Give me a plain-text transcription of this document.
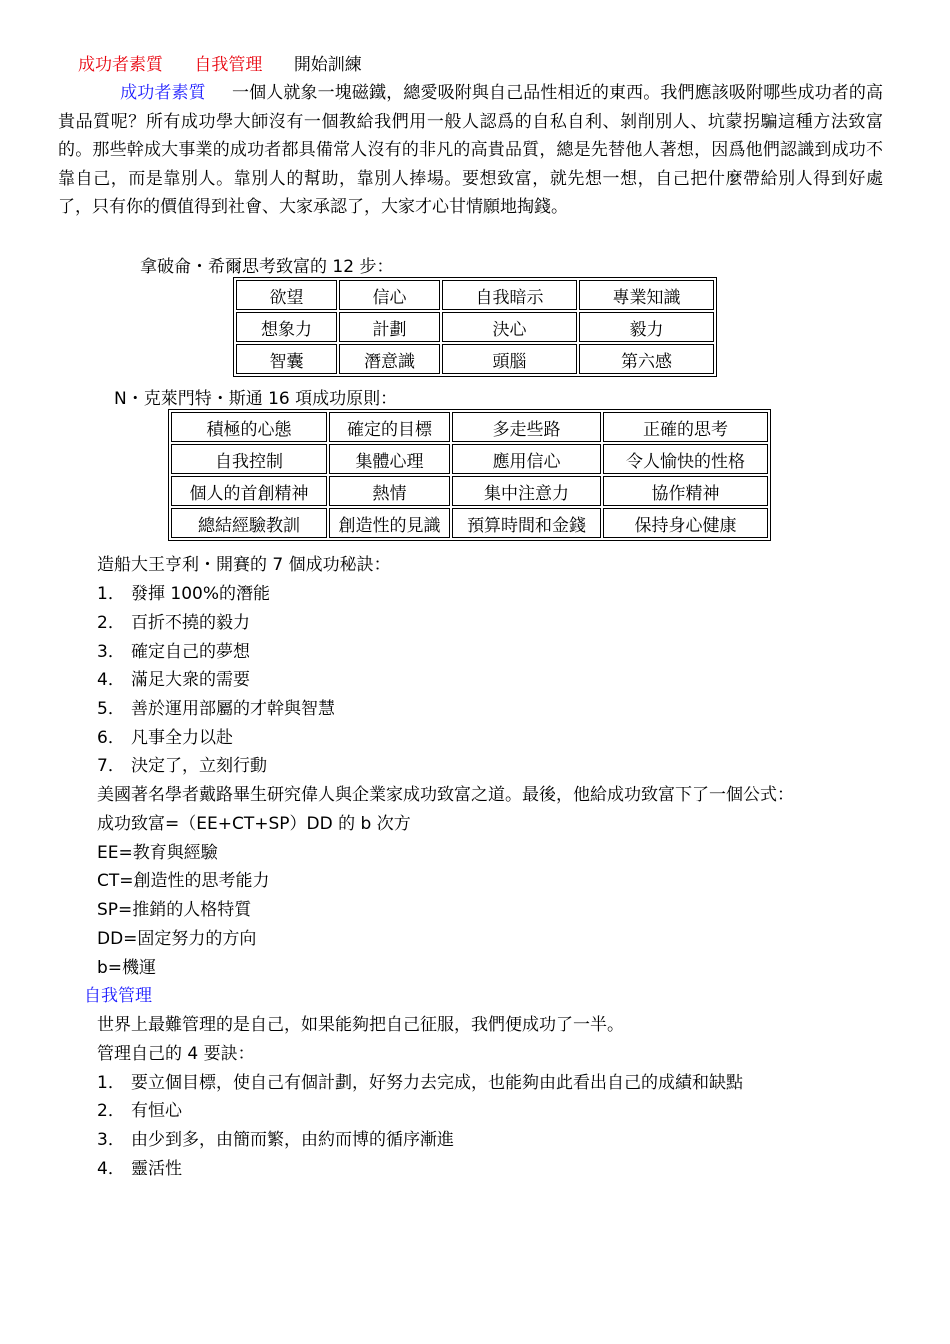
成功者素質 自我管理 開始訓練
成功者素質 一個人就象一塊磁鐵，總愛吸附與自己品性相近的東西。我們應該吸附哪些成功者的高貴品質呢？所有成功學大師沒有一個教給我們用一般人認爲的自私自利、剝削別人、坑蒙拐騙這種方法致富的。那些幹成大事業的成功者都具備常人沒有的非凡的高貴品質，總是先替他人著想，因爲他們認識到成功不靠自己，而是靠別人。靠別人的幫助，靠別人捧場。要想致富，就先想一想，自己把什麼帶給別人得到好處了，只有你的價值得到社會、大家承認了，大家才心甘情願地掏錢。
拿破侖・希爾思考致富的 12 步：
欲望	信心	自我暗示	專業知識
想象力	計劃	決心	毅力
智囊	潛意識	頭腦	第六感
N・克萊門特・斯通 16 項成功原則：
積極的心態	確定的目標	多走些路	正確的思考
自我控制	集體心理	應用信心	令人愉快的性格
個人的首創精神	熱情	集中注意力	協作精神
總結經驗教訓	創造性的見識	預算時間和金錢	保持身心健康
造船大王亨利・開賽的 7 個成功秘訣：
1． 發揮 100%的潛能
2． 百折不撓的毅力
3． 確定自己的夢想
4． 滿足大衆的需要
5． 善於運用部屬的才幹與智慧
6． 凡事全力以赴
7． 決定了，立刻行動
美國著名學者戴路畢生研究偉人與企業家成功致富之道。最後，他給成功致富下了一個公式：
成功致富=（EE+CT+SP）DD 的 b 次方
EE=教育與經驗
CT=創造性的思考能力
SP=推銷的人格特質
DD=固定努力的方向
b=機運
自我管理
世界上最難管理的是自己，如果能夠把自己征服，我們便成功了一半。
管理自己的 4 要訣：
1． 要立個目標，使自己有個計劃，好努力去完成，也能夠由此看出自己的成績和缺點
2． 有恒心
3． 由少到多，由簡而繁，由約而博的循序漸進
4． 靈活性
